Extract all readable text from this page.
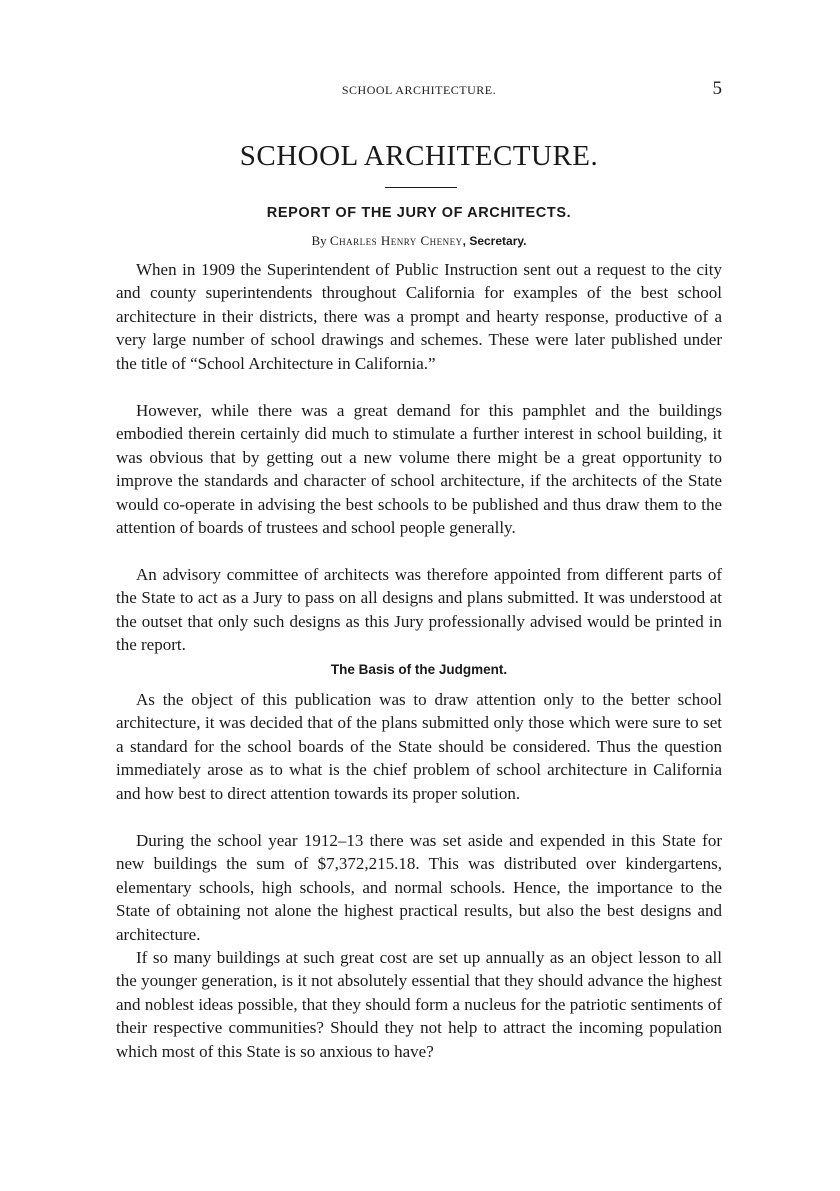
SCHOOL ARCHITECTURE.	5
SCHOOL ARCHITECTURE.
REPORT OF THE JURY OF ARCHITECTS.
By Charles Henry Cheney, Secretary.

When in 1909 the Superintendent of Public Instruction sent out a request to the city and county superintendents throughout California for examples of the best school architecture in their districts, there was a prompt and hearty response, productive of a very large number of school drawings and schemes. These were later published under the title of “School Architecture in California.”

However, while there was a great demand for this pamphlet and the buildings embodied therein certainly did much to stimulate a further interest in school building, it was obvious that by getting out a new volume there might be a great opportunity to improve the standards and character of school architecture, if the architects of the State would co-operate in advising the best schools to be published and thus draw them to the attention of boards of trustees and school people generally.

An advisory committee of architects was therefore appointed from different parts of the State to act as a Jury to pass on all designs and plans submitted. It was understood at the outset that only such designs as this Jury professionally advised would be printed in the report.

The Basis of the Judgment.

As the object of this publication was to draw attention only to the better school architecture, it was decided that of the plans submitted only those which were sure to set a standard for the school boards of the State should be considered. Thus the question immediately arose as to what is the chief problem of school architecture in California and how best to direct attention towards its proper solution.

During the school year 1912–13 there was set aside and expended in this State for new buildings the sum of $7,372,215.18. This was distributed over kindergartens, elementary schools, high schools, and normal schools. Hence, the importance to the State of obtaining not alone the highest practical results, but also the best designs and architecture.

If so many buildings at such great cost are set up annually as an object lesson to all the younger generation, is it not absolutely essential that they should advance the highest and noblest ideas possible, that they should form a nucleus for the patriotic sentiments of their respective communities? Should they not help to attract the incoming population which most of this State is so anxious to have?
